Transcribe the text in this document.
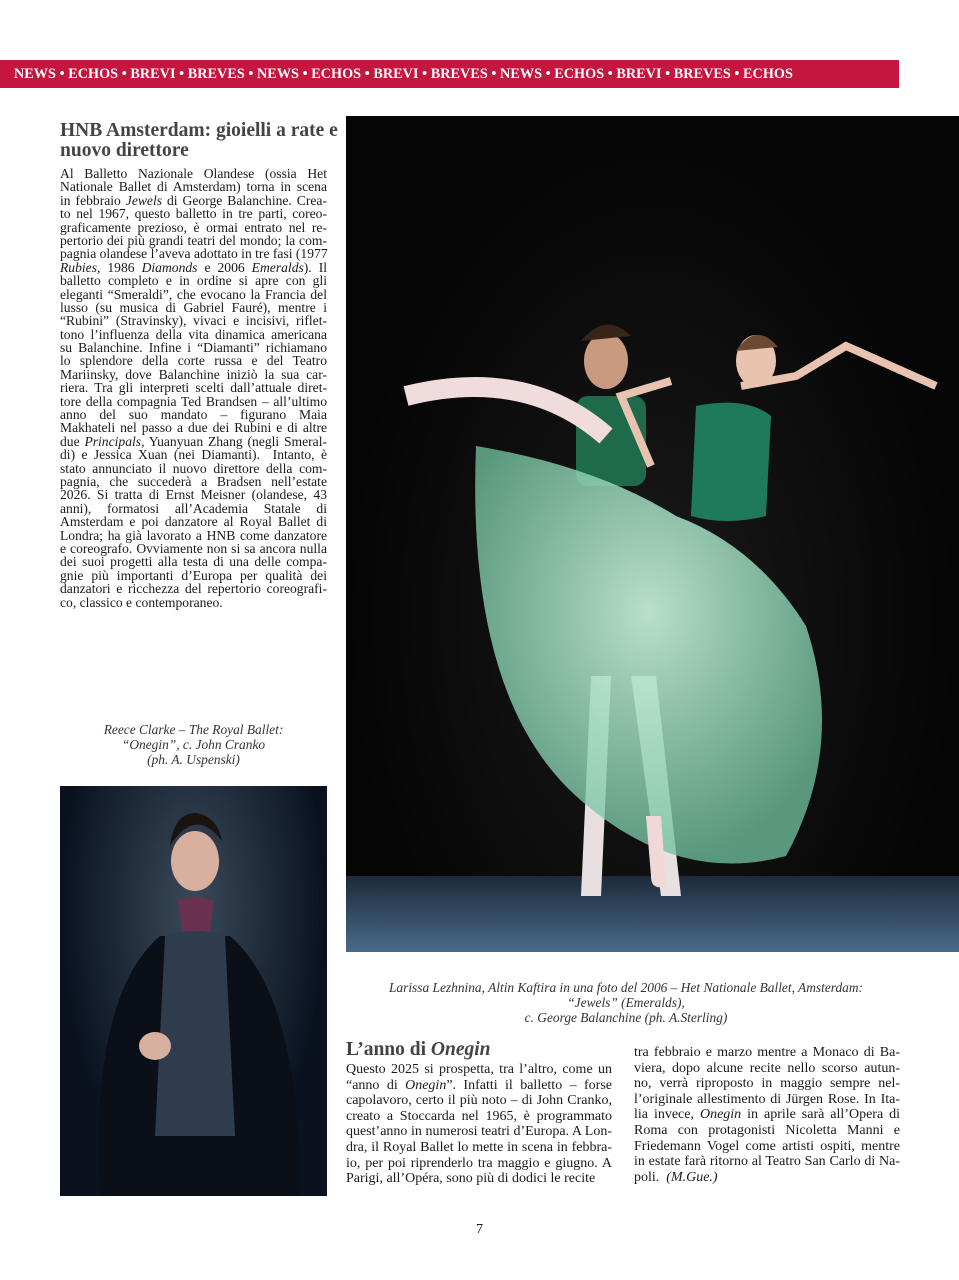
NEWS • ECHOS • BREVI • BREVES • NEWS • ECHOS • BREVI • BREVES • NEWS • ECHOS • BREVI • BREVES • ECHOS
HNB Amsterdam: gioielli a rate e nuovo direttore
Al Balletto Nazionale Olandese (ossia Het
Nationale Ballet di Amsterdam) torna in scena
in febbraio Jewels di George Balanchine. Crea-
to nel 1967, questo balletto in tre parti, coreo-
graficamente prezioso, è ormai entrato nel re-
pertorio dei più grandi teatri del mondo; la com-
pagnia olandese l’aveva adottato in tre fasi (1977
Rubies, 1986 Diamonds e 2006 Emeralds). Il
balletto completo e in ordine si apre con gli
eleganti “Smeraldi”, che evocano la Francia del
lusso (su musica di Gabriel Fauré), mentre i
“Rubini” (Stravinsky), vivaci e incisivi, riflet-
tono l’influenza della vita dinamica americana
su Balanchine. Infine i “Diamanti” richiamano
lo splendore della corte russa e del Teatro
Mariinsky, dove Balanchine iniziò la sua car-
riera. Tra gli interpreti scelti dall’attuale diret-
tore della compagnia Ted Brandsen – all’ultimo
anno del suo mandato – figurano Maia
Makhateli nel passo a due dei Rubini e di altre
due Principals, Yuanyuan Zhang (negli Smeral-
di) e Jessica Xuan (nei Diamanti).  Intanto, è
stato annunciato il nuovo direttore della com-
pagnia, che succederà a Bradsen nell’estate
2026. Si tratta di Ernst Meisner (olandese, 43
anni), formatosi all’Academia Statale di
Amsterdam e poi danzatore al Royal Ballet di
Londra; ha già lavorato a HNB come danzatore
e coreografo. Ovviamente non si sa ancora nulla
dei suoi progetti alla testa di una delle compa-
gnie più importanti d’Europa per qualità dei
danzatori e ricchezza del repertorio coreografi-
co, classico e contemporaneo.
Reece Clarke – The Royal Ballet:
“Onegin”, c. John Cranko
(ph. A. Uspenski)
Larissa Lezhnina, Altin Kaftira in una foto del 2006 – Het Nationale Ballet, Amsterdam:
“Jewels” (Emeralds),
c. George Balanchine (ph. A.Sterling)
L’anno di Onegin
Questo 2025 si prospetta, tra l’altro, come un
“anno di Onegin”. Infatti il balletto – forse
capolavoro, certo il più noto – di John Cranko,
creato a Stoccarda nel 1965, è programmato
quest’anno in numerosi teatri d’Europa. A Lon-
dra, il Royal Ballet lo mette in scena in febbra-
io, per poi riprenderlo tra maggio e giugno. A
Parigi, all’Opéra, sono più di dodici le recite
tra febbraio e marzo mentre a Monaco di Ba-
viera, dopo alcune recite nello scorso autun-
no, verrà riproposto in maggio sempre nel-
l’originale allestimento di Jürgen Rose. In Ita-
lia invece, Onegin in aprile sarà all’Opera di
Roma con protagonisti Nicoletta Manni e
Friedemann Vogel come artisti ospiti, mentre
in estate farà ritorno al Teatro San Carlo di Na-
poli.  (M.Gue.)
7
